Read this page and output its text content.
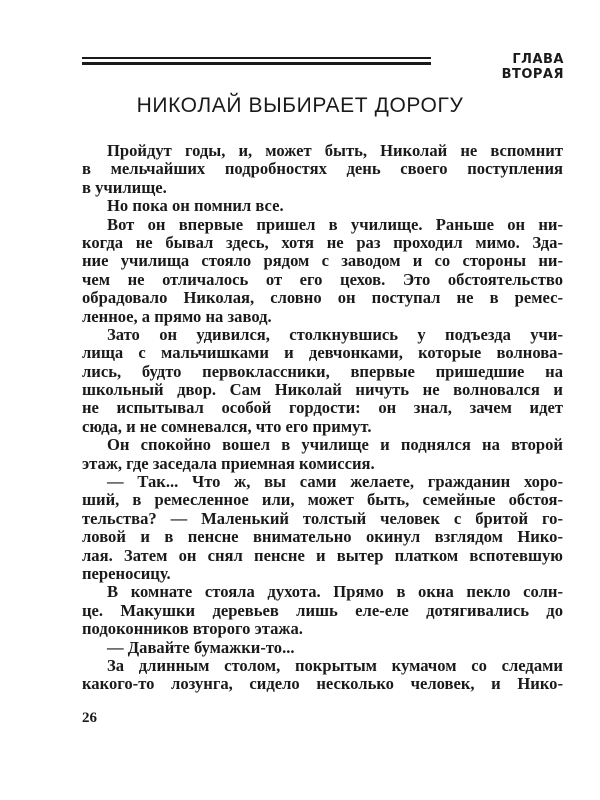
ГЛАВА ВТОРАЯ
НИКОЛАЙ ВЫБИРАЕТ ДОРОГУ
Пройдут годы, и, может быть, Николай не вспомнит
в мельчайших подробностях день своего поступления
в училище.
Но пока он помнил все.
Вот он впервые пришел в училище. Раньше он ни-
когда не бывал здесь, хотя не раз проходил мимо. Зда-
ние училища стояло рядом с заводом и со стороны ни-
чем не отличалось от его цехов. Это обстоятельство
обрадовало Николая, словно он поступал не в ремес-
ленное, а прямо на завод.
Зато он удивился, столкнувшись у подъезда учи-
лища с мальчишками и девчонками, которые волнова-
лись, будто первоклассники, впервые пришедшие на
школьный двор. Сам Николай ничуть не волновался и
не испытывал особой гордости: он знал, зачем идет
сюда, и не сомневался, что его примут.
Он спокойно вошел в училище и поднялся на второй
этаж, где заседала приемная комиссия.
— Так... Что ж, вы сами желаете, гражданин хоро-
ший, в ремесленное или, может быть, семейные обстоя-
тельства? — Маленький толстый человек с бритой го-
ловой и в пенсне внимательно окинул взглядом Нико-
лая. Затем он снял пенсне и вытер платком вспотевшую
переносицу.
В комнате стояла духота. Прямо в окна пекло солн-
це. Макушки деревьев лишь еле-еле дотягивались до
подоконников второго этажа.
— Давайте бумажки-то...
За длинным столом, покрытым кумачом со следами
какого-то лозунга, сидело несколько человек, и Нико-
26
